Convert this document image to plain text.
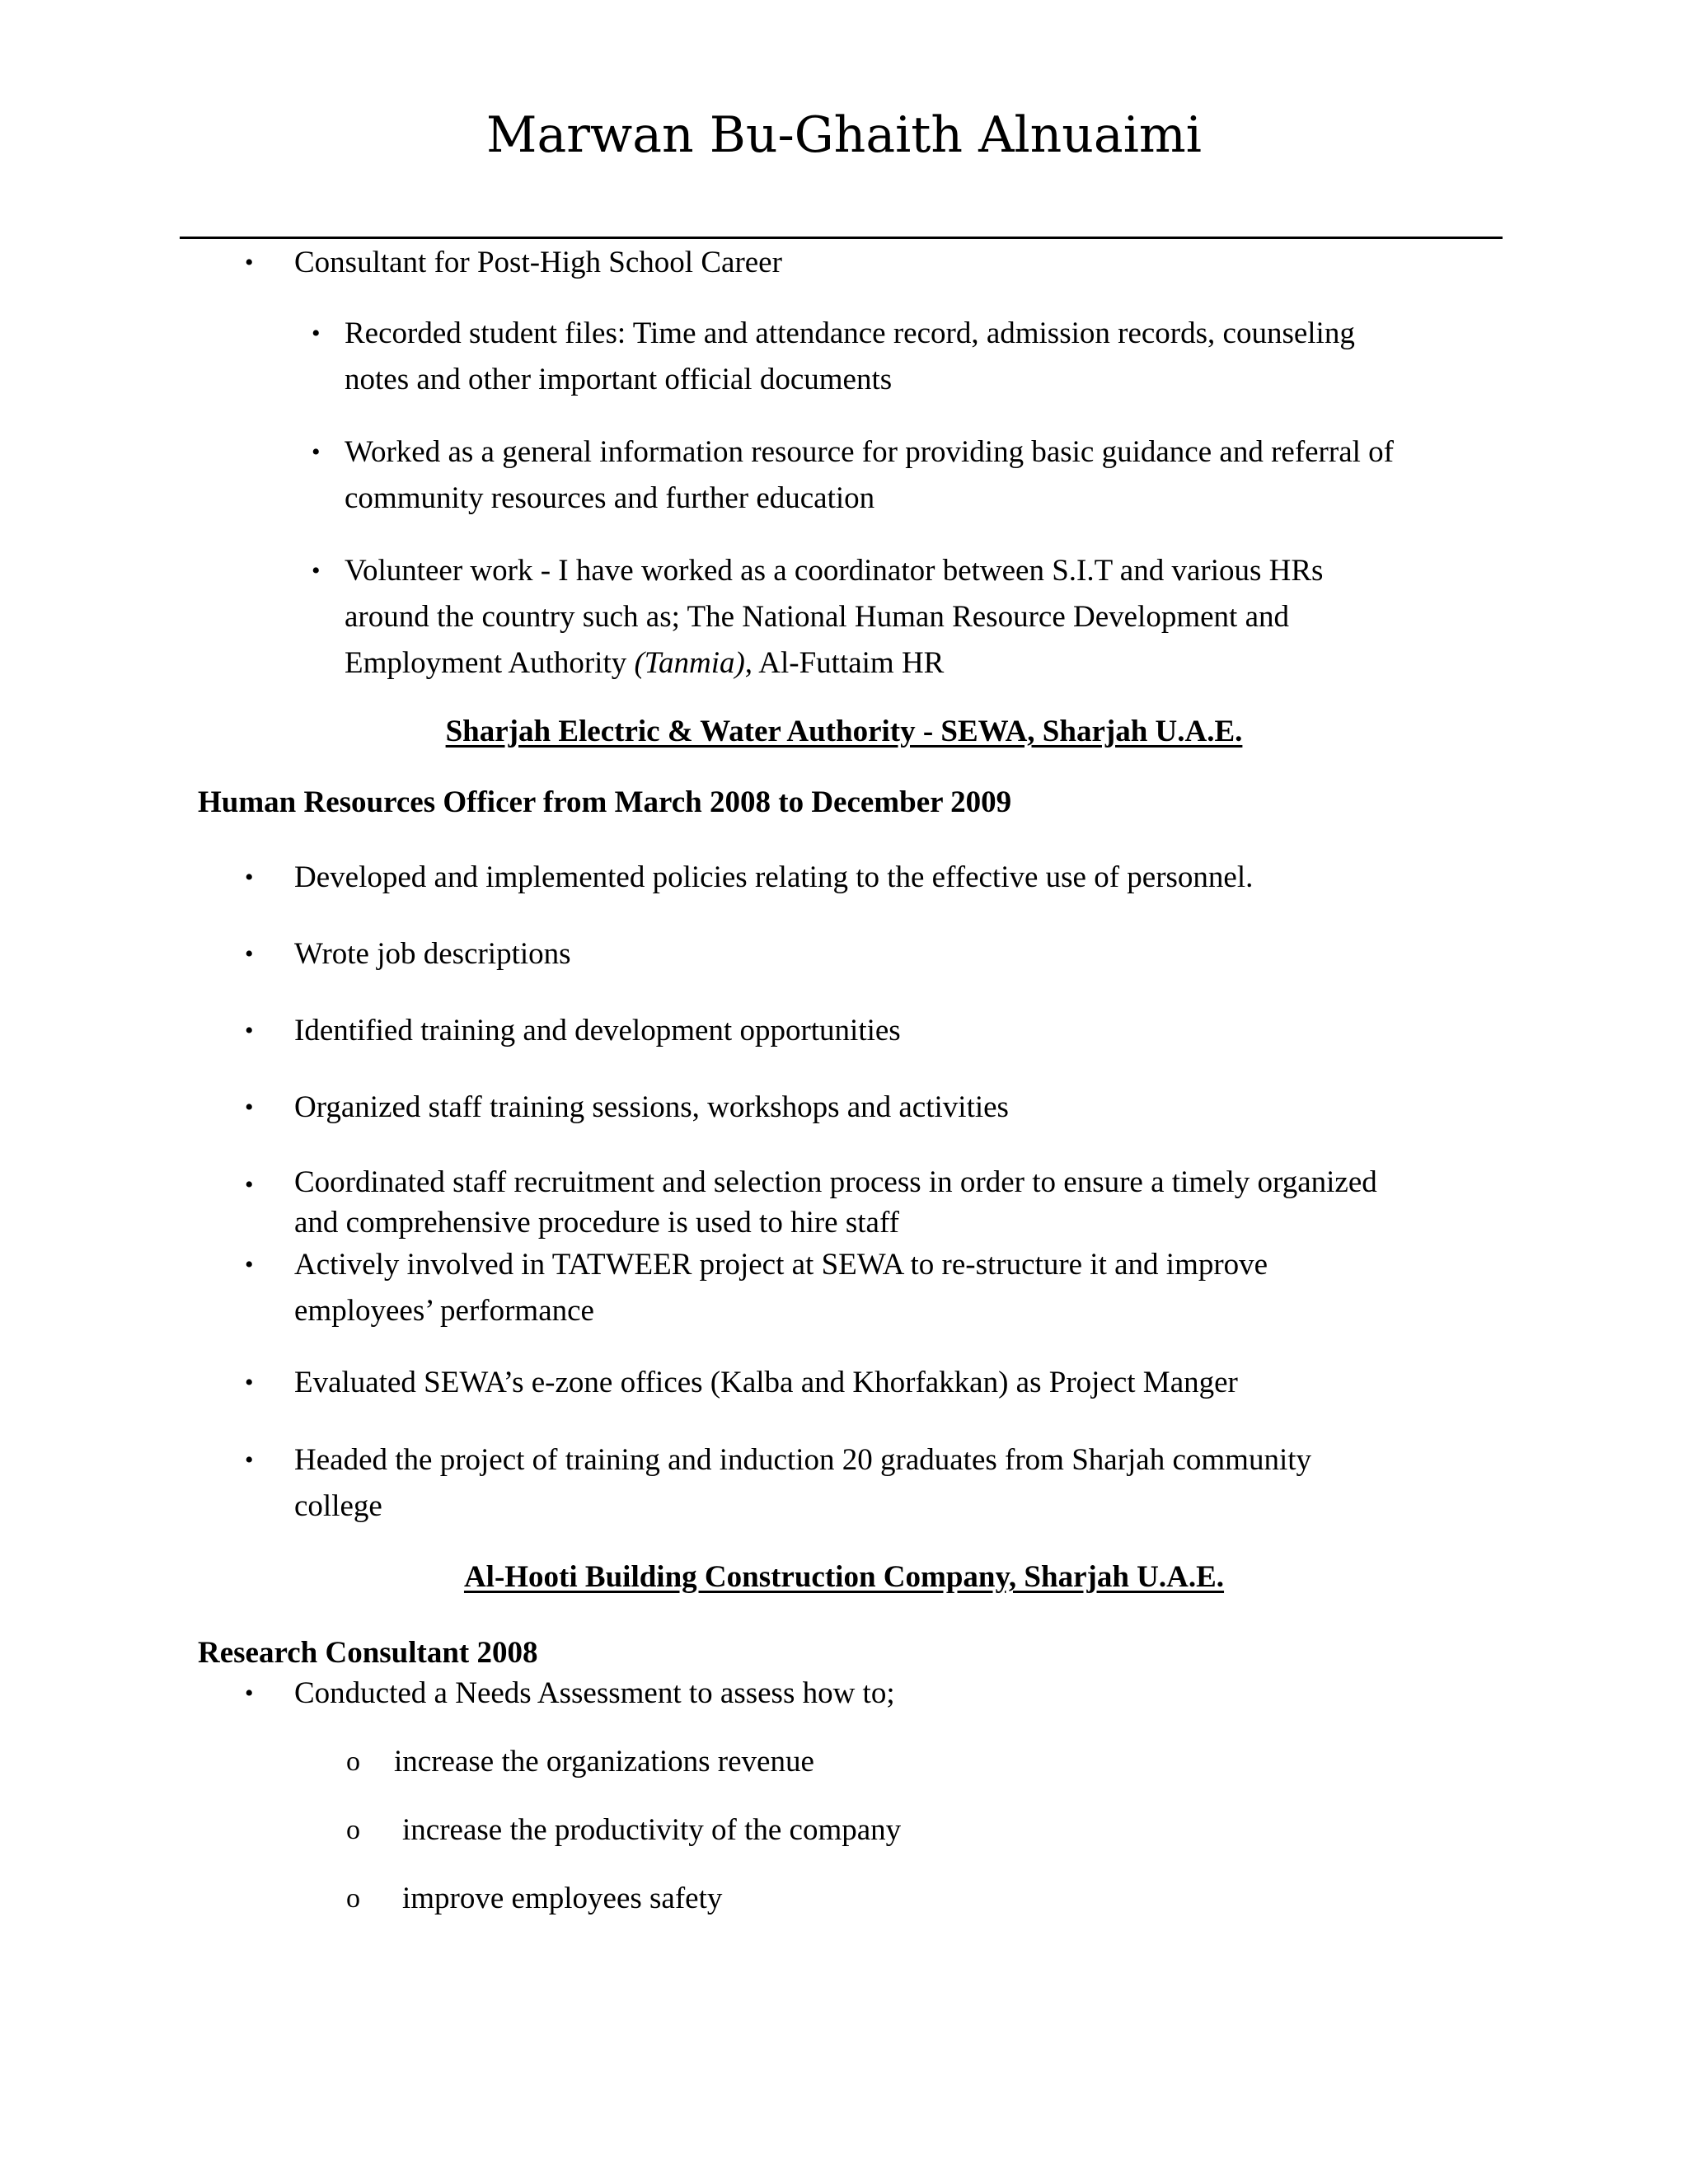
Marwan Bu-Ghaith Alnuaimi
• Consultant for Post-High School Career
• Recorded student files: Time and attendance record, admission records, counseling
notes and other important official documents
• Worked as a general information resource for providing basic guidance and referral of
community resources and further education
• Volunteer work - I have worked as a coordinator between S.I.T and various HRs
around the country such as; The National Human Resource Development and
Employment Authority (Tanmia), Al-Futtaim HR
Sharjah Electric & Water Authority - SEWA, Sharjah U.A.E.
Human Resources Officer from March 2008 to December 2009
• Developed and implemented policies relating to the effective use of personnel.
• Wrote job descriptions
• Identified training and development opportunities
• Organized staff training sessions, workshops and activities
• Coordinated staff recruitment and selection process in order to ensure a timely organized
and comprehensive procedure is used to hire staff
• Actively involved in TATWEER project at SEWA to re-structure it and improve
employees’ performance
• Evaluated SEWA’s e-zone offices (Kalba and Khorfakkan) as Project Manger
• Headed the project of training and induction 20 graduates from Sharjah community
college
Al-Hooti Building Construction Company, Sharjah U.A.E.
Research Consultant 2008
• Conducted a Needs Assessment to assess how to;
o increase the organizations revenue
o increase the productivity of the company
o improve employees safety
